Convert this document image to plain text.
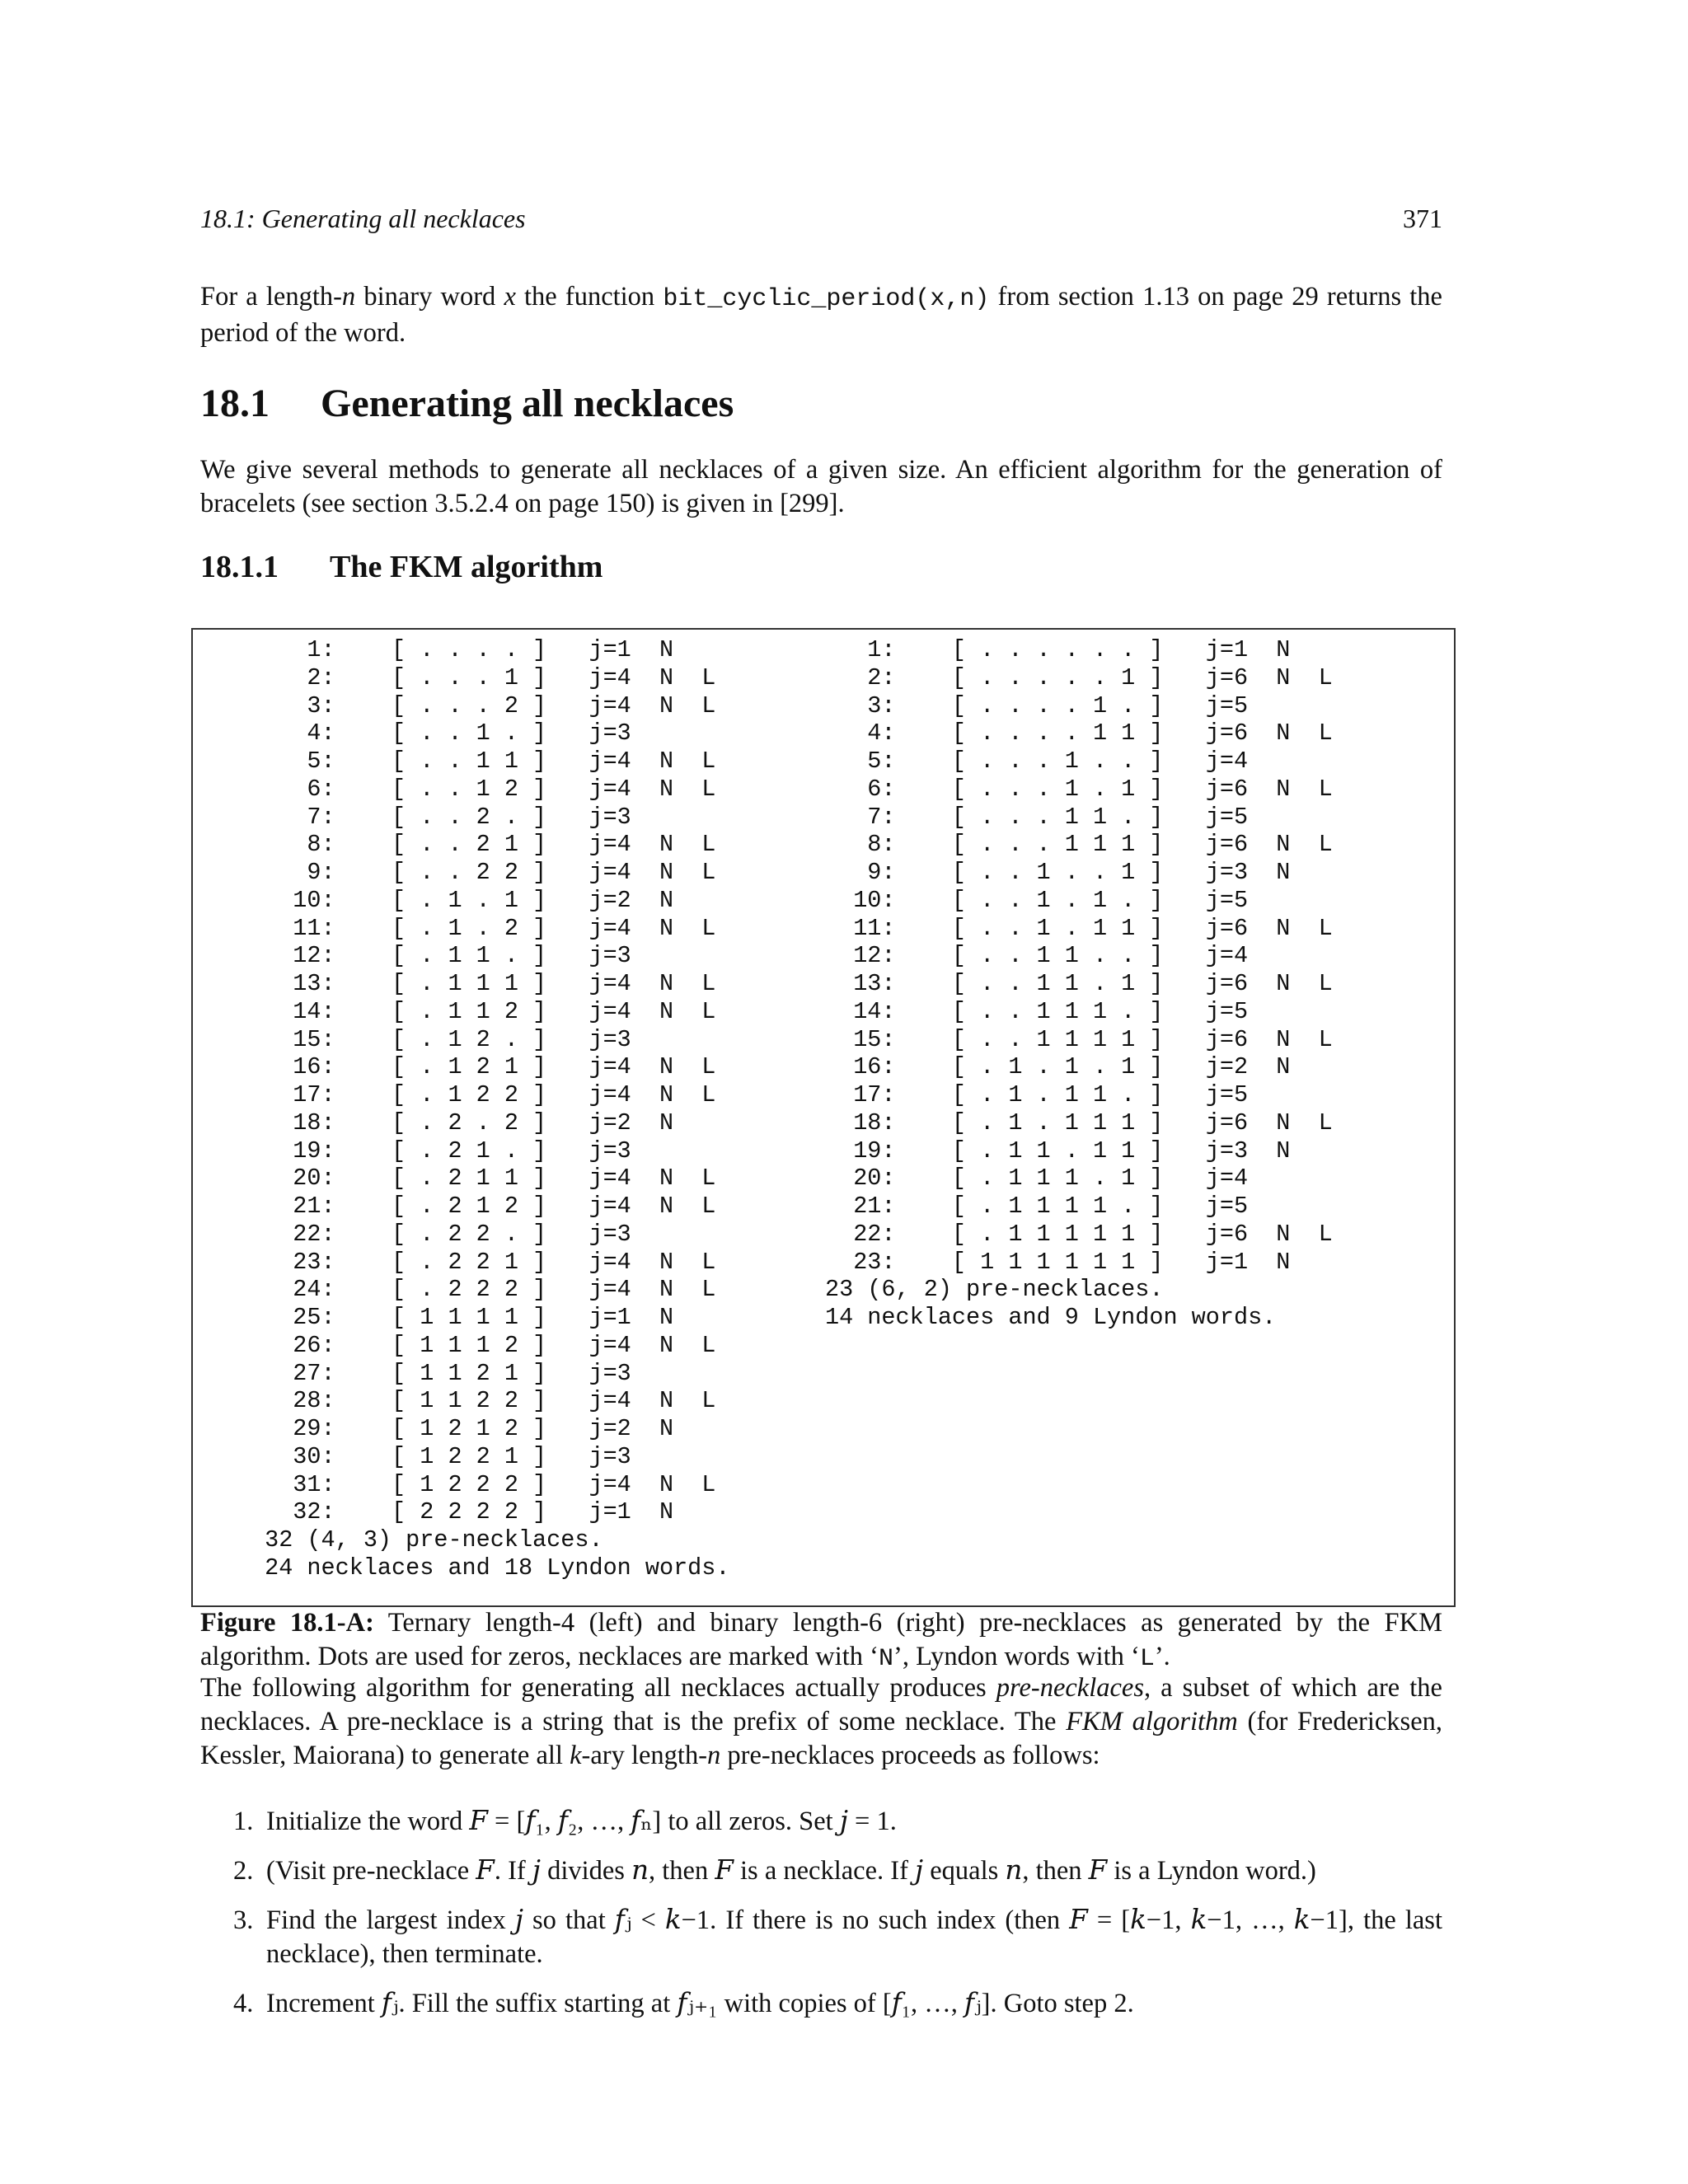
18.1: Generating all necklaces	371
For a length-n binary word x the function bit_cyclic_period(x,n) from section 1.13 on page 29 returns the period of the word.
18.1 Generating all necklaces
We give several methods to generate all necklaces of a given size. An efficient algorithm for the generation of bracelets (see section 3.5.2.4 on page 150) is given in [299].
18.1.1 The FKM algorithm
1:    [ . . . . ]   j=1  N
2:    [ . . . 1 ]   j=4  N  L
3:    [ . . . 2 ]   j=4  N  L
4:    [ . . 1 . ]   j=3
5:    [ . . 1 1 ]   j=4  N  L
6:    [ . . 1 2 ]   j=4  N  L
7:    [ . . 2 . ]   j=3
8:    [ . . 2 1 ]   j=4  N  L
9:    [ . . 2 2 ]   j=4  N  L
10:    [ . 1 . 1 ]   j=2  N
11:    [ . 1 . 2 ]   j=4  N  L
12:    [ . 1 1 . ]   j=3
13:    [ . 1 1 1 ]   j=4  N  L
14:    [ . 1 1 2 ]   j=4  N  L
15:    [ . 1 2 . ]   j=3
16:    [ . 1 2 1 ]   j=4  N  L
17:    [ . 1 2 2 ]   j=4  N  L
18:    [ . 2 . 2 ]   j=2  N
19:    [ . 2 1 . ]   j=3
20:    [ . 2 1 1 ]   j=4  N  L
21:    [ . 2 1 2 ]   j=4  N  L
22:    [ . 2 2 . ]   j=3
23:    [ . 2 2 1 ]   j=4  N  L
24:    [ . 2 2 2 ]   j=4  N  L
25:    [ 1 1 1 1 ]   j=1  N
26:    [ 1 1 1 2 ]   j=4  N  L
27:    [ 1 1 2 1 ]   j=3
28:    [ 1 1 2 2 ]   j=4  N  L
29:    [ 1 2 1 2 ]   j=2  N
30:    [ 1 2 2 1 ]   j=3
31:    [ 1 2 2 2 ]   j=4  N  L
32:    [ 2 2 2 2 ]   j=1  N
32 (4, 3) pre-necklaces.
24 necklaces and 18 Lyndon words.
1:    [ . . . . . . ]   j=1  N
2:    [ . . . . . 1 ]   j=6  N  L
3:    [ . . . . 1 . ]   j=5
4:    [ . . . . 1 1 ]   j=6  N  L
5:    [ . . . 1 . . ]   j=4
6:    [ . . . 1 . 1 ]   j=6  N  L
7:    [ . . . 1 1 . ]   j=5
8:    [ . . . 1 1 1 ]   j=6  N  L
9:    [ . . 1 . . 1 ]   j=3  N
10:    [ . . 1 . 1 . ]   j=5
11:    [ . . 1 . 1 1 ]   j=6  N  L
12:    [ . . 1 1 . . ]   j=4
13:    [ . . 1 1 . 1 ]   j=6  N  L
14:    [ . . 1 1 1 . ]   j=5
15:    [ . . 1 1 1 1 ]   j=6  N  L
16:    [ . 1 . 1 . 1 ]   j=2  N
17:    [ . 1 . 1 1 . ]   j=5
18:    [ . 1 . 1 1 1 ]   j=6  N  L
19:    [ . 1 1 . 1 1 ]   j=3  N
20:    [ . 1 1 1 . 1 ]   j=4
21:    [ . 1 1 1 1 . ]   j=5
22:    [ . 1 1 1 1 1 ]   j=6  N  L
23:    [ 1 1 1 1 1 1 ]   j=1  N
23 (6, 2) pre-necklaces.
14 necklaces and 9 Lyndon words.
Figure 18.1-A: Ternary length-4 (left) and binary length-6 (right) pre-necklaces as generated by the FKM algorithm. Dots are used for zeros, necklaces are marked with ‘N’, Lyndon words with ‘L’.
The following algorithm for generating all necklaces actually produces pre-necklaces, a subset of which are the necklaces. A pre-necklace is a string that is the prefix of some necklace. The FKM algorithm (for Fredericksen, Kessler, Maiorana) to generate all k-ary length-n pre-necklaces proceeds as follows:
1. Initialize the word 𝐹 = [𝑓₁, 𝑓₂, …, 𝑓ₙ] to all zeros. Set 𝑗 = 1.
2. (Visit pre-necklace 𝐹. If 𝑗 divides 𝑛, then 𝐹 is a necklace. If 𝑗 equals 𝑛, then 𝐹 is a Lyndon word.)
3. Find the largest index 𝑗 so that 𝑓ⱼ < 𝑘−1. If there is no such index (then 𝐹 = [𝑘−1, 𝑘−1, …, 𝑘−1], the last necklace), then terminate.
4. Increment 𝑓ⱼ. Fill the suffix starting at 𝑓ⱼ₊₁ with copies of [𝑓₁, …, 𝑓ⱼ]. Goto step 2.
